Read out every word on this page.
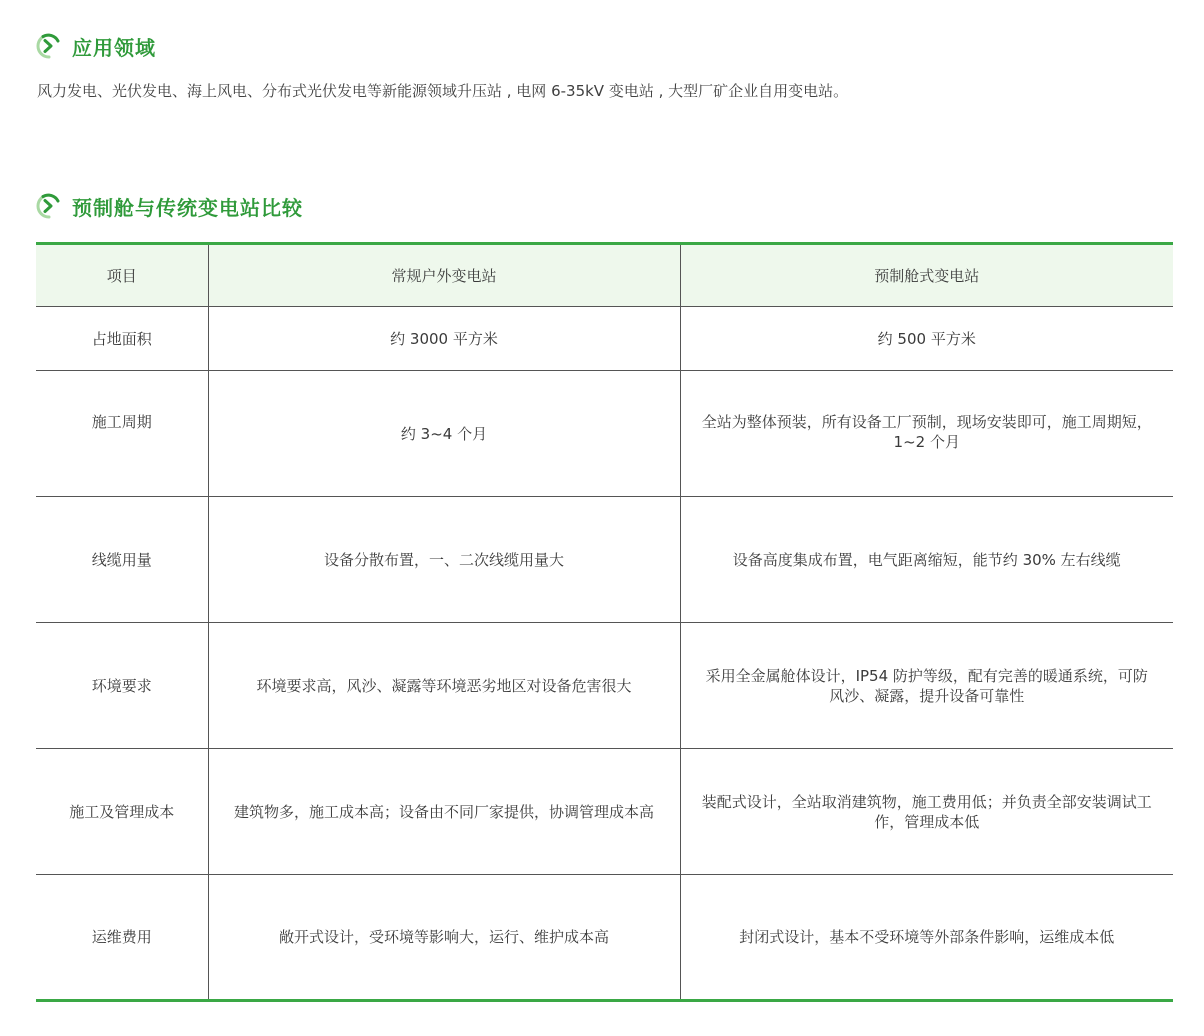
应用领域

风力发电、光伏发电、海上风电、分布式光伏发电等新能源领域升压站 , 电网 6-35kV 变电站 , 大型厂矿企业自用变电站。

预制舱与传统变电站比较
项目	常规户外变电站	预制舱式变电站
占地面积	约 3000 平方米	约 500 平方米
施工周期	约 3~4 个月	全站为整体预装，所有设备工厂预制，现场安装即可，施工周期短，1~2 个月
线缆用量	设备分散布置，一、二次线缆用量大	设备高度集成布置，电气距离缩短，能节约 30% 左右线缆
环境要求	环境要求高，风沙、凝露等环境恶劣地区对设备危害很大	采用全金属舱体设计，IP54 防护等级，配有完善的暖通系统，可防风沙、凝露，提升设备可靠性
施工及管理成本	建筑物多，施工成本高；设备由不同厂家提供，协调管理成本高	装配式设计，全站取消建筑物，施工费用低；并负责全部安装调试工作，管理成本低
运维费用	敞开式设计，受环境等影响大，运行、维护成本高	封闭式设计，基本不受环境等外部条件影响，运维成本低
